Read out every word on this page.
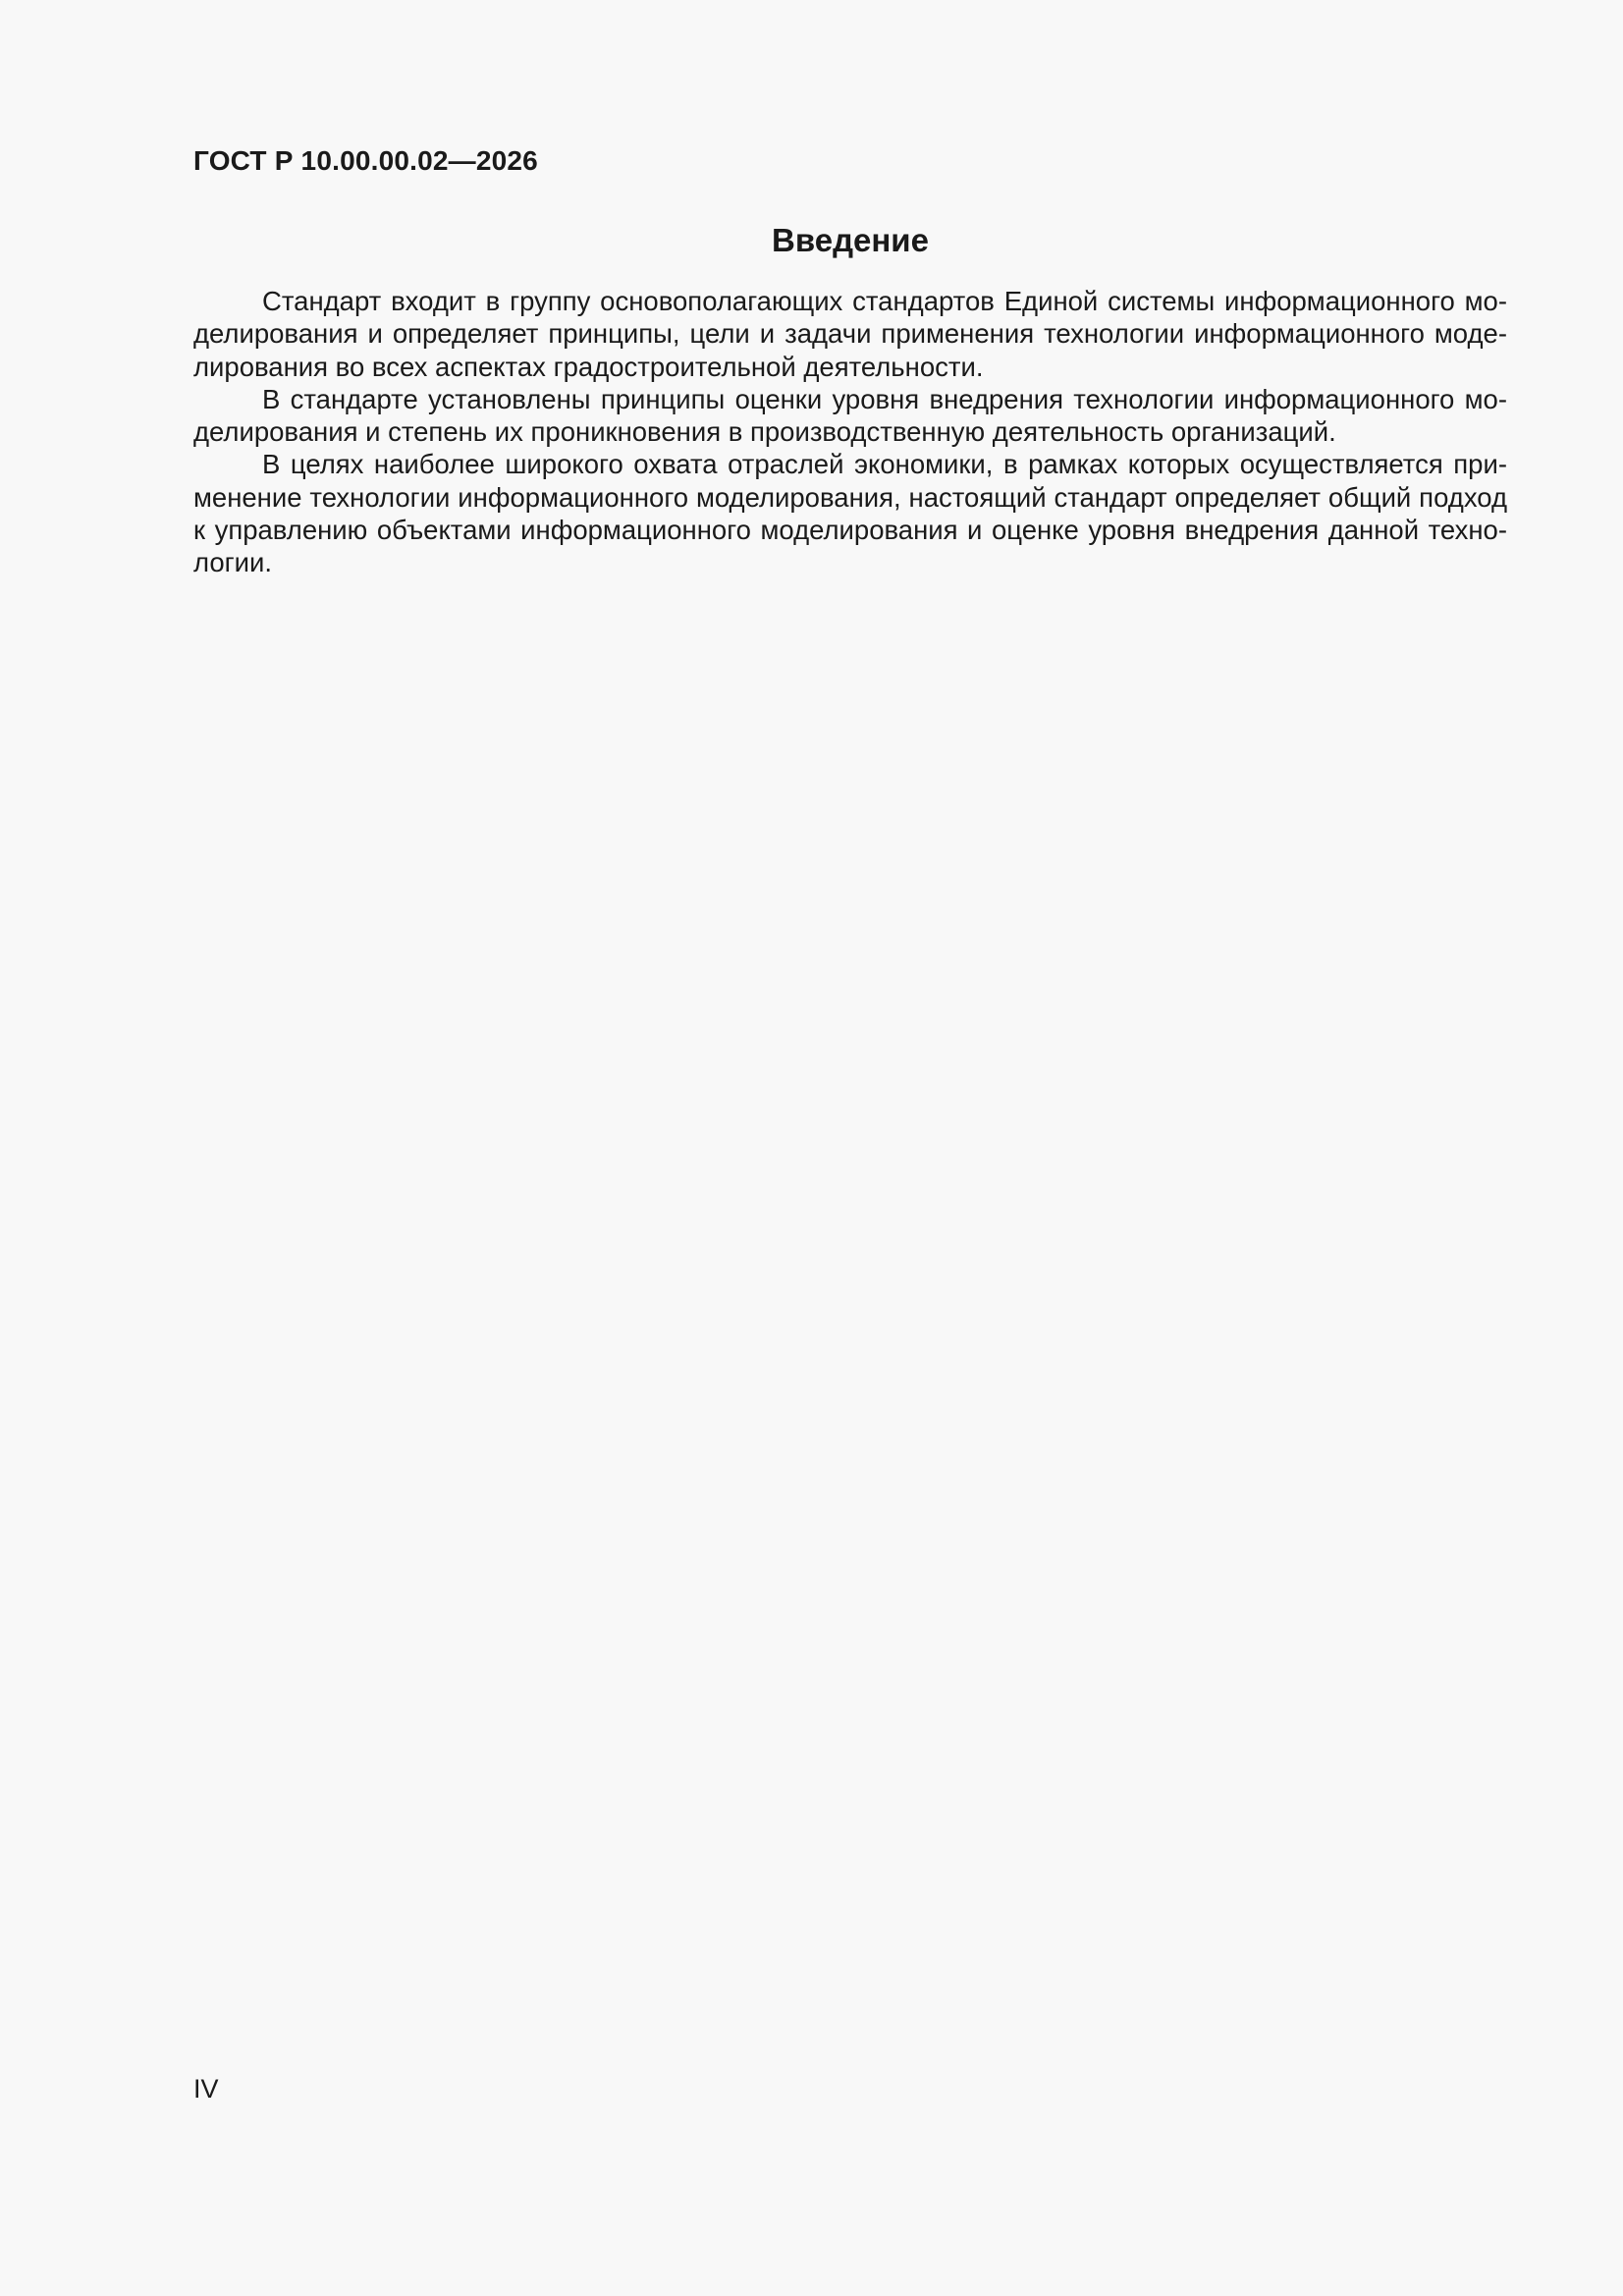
ГОСТ Р 10.00.00.02—2026
Введение

Стандарт входит в группу основополагающих стандартов Единой системы информационного моделирования и определяет принципы, цели и задачи применения технологии информационного моделирования во всех аспектах градостроительной деятельности.

В стандарте установлены принципы оценки уровня внедрения технологии информационного моделирования и степень их проникновения в производственную деятельность организаций.

В целях наиболее широкого охвата отраслей экономики, в рамках которых осуществляется применение технологии информационного моделирования, настоящий стандарт определяет общий подход к управлению объектами информационного моделирования и оценке уровня внедрения данной технологии.

IV
